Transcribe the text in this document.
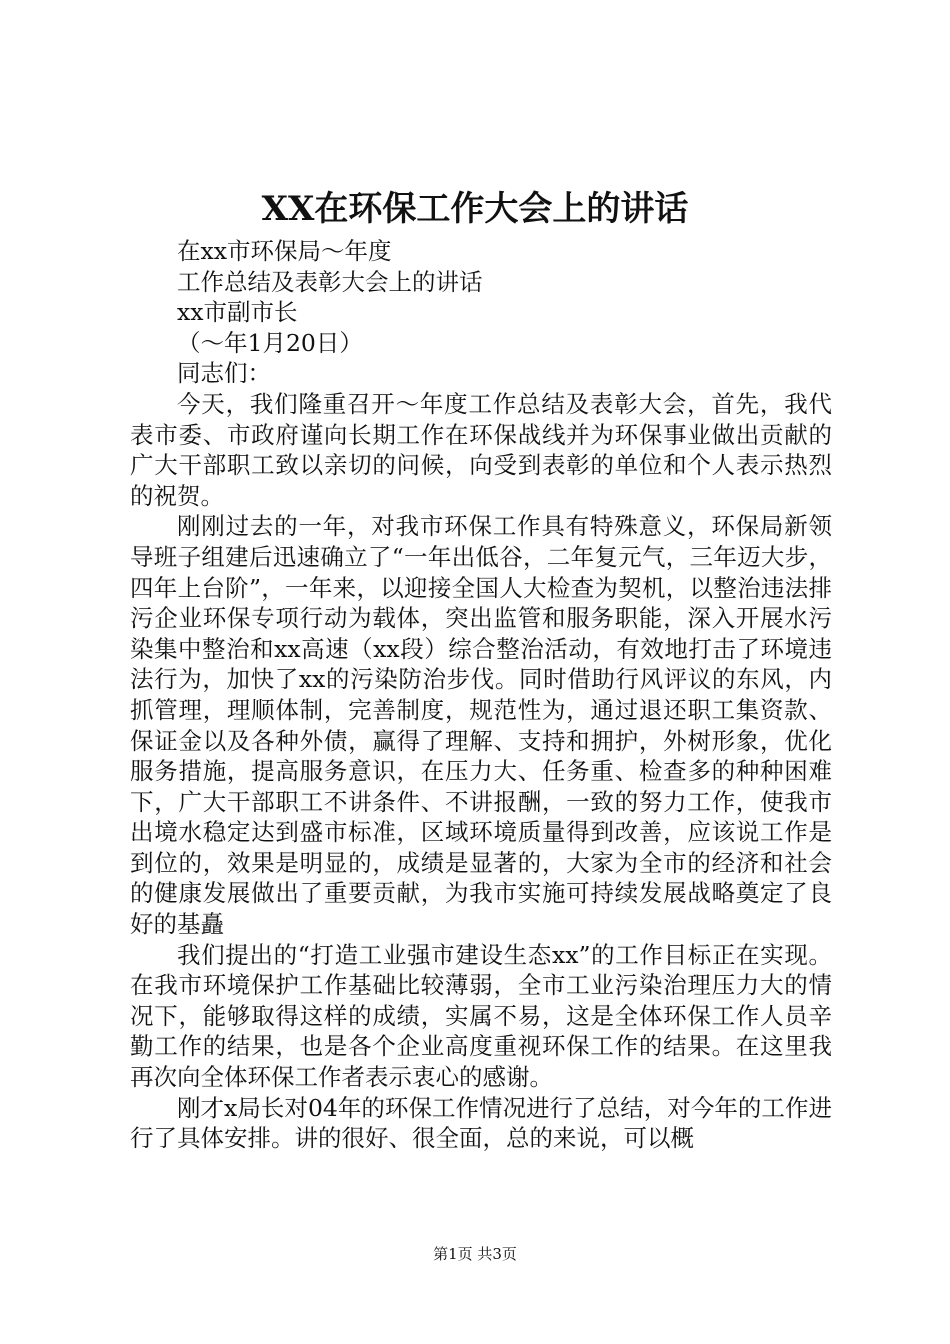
XX在环保工作大会上的讲话

在xx市环保局～年度

工作总结及表彰大会上的讲话

xx市副市长

（～年1月20日）

同志们：

今天，我们隆重召开～年度工作总结及表彰大会，首先，我代表市委、市政府谨向长期工作在环保战线并为环保事业做出贡献的广大干部职工致以亲切的问候，向受到表彰的单位和个人表示热烈的祝贺。

刚刚过去的一年，对我市环保工作具有特殊意义，环保局新领导班子组建后迅速确立了“一年出低谷，二年复元气，三年迈大步，四年上台阶”，一年来，以迎接全国人大检查为契机，以整治违法排污企业环保专项行动为载体，突出监管和服务职能，深入开展水污染集中整治和xx高速（xx段）综合整治活动，有效地打击了环境违法行为，加快了xx的污染防治步伐。同时借助行风评议的东风，内抓管理，理顺体制，完善制度，规范性为，通过退还职工集资款、保证金以及各种外债，赢得了理解、支持和拥护，外树形象，优化服务措施，提高服务意识，在压力大、任务重、检查多的种种困难下，广大干部职工不讲条件、不讲报酬，一致的努力工作，使我市出境水稳定达到盛市标准，区域环境质量得到改善，应该说工作是到位的，效果是明显的，成绩是显著的，大家为全市的经济和社会的健康发展做出了重要贡献，为我市实施可持续发展战略奠定了良好的基矗

我们提出的“打造工业强市建设生态xx”的工作目标正在实现。在我市环境保护工作基础比较薄弱，全市工业污染治理压力大的情况下，能够取得这样的成绩，实属不易，这是全体环保工作人员辛勤工作的结果，也是各个企业高度重视环保工作的结果。在这里我再次向全体环保工作者表示衷心的感谢。

刚才x局长对04年的环保工作情况进行了总结，对今年的工作进行了具体安排。讲的很好、很全面，总的来说，可以概

第1页 共3页
